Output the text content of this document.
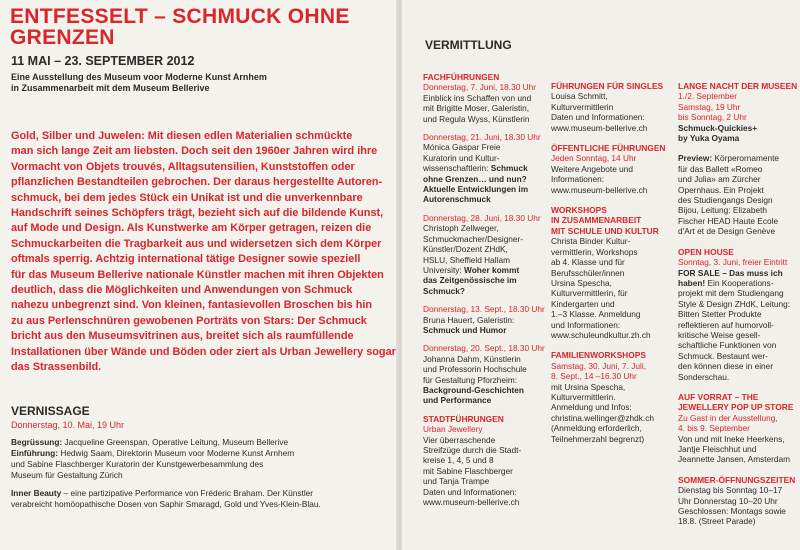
ENTFESSELT – SCHMUCK OHNE
GRENZEN
11 MAI – 23. SEPTEMBER 2012
Eine Ausstellung des Museum voor Moderne Kunst Arnhem
in Zusammenarbeit mit dem Museum Bellerive
Gold, Silber und Juwelen: Mit diesen edlen Materialien schmückte
man sich lange Zeit am liebsten. Doch seit den 1960er Jahren wird ihre
Vormacht von Objets trouvés, Alltagsutensilien, Kunststoffen oder
pflanzlichen Bestandteilen gebrochen. Der daraus hergestellte Autoren-
schmuck, bei dem jedes Stück ein Unikat ist und die unverkennbare
Handschrift seines Schöpfers trägt, bezieht sich auf die bildende Kunst,
auf Mode und Design. Als Kunstwerke am Körper getragen, reizen die
Schmuckarbeiten die Tragbarkeit aus und widersetzen sich dem Körper
oftmals sperrig. Achtzig international tätige Designer sowie speziell
für das Museum Bellerive nationale Künstler machen mit ihren Objekten
deutlich, dass die Möglichkeiten und Anwendungen von Schmuck
nahezu unbegrenzt sind. Von kleinen, fantasievollen Broschen bis hin
zu aus Perlenschnüren gewobenen Porträts von Stars: Der Schmuck
bricht aus den Museumsvitrinen aus, breitet sich als raumfüllende
Installationen über Wände und Böden oder ziert als Urban Jewellery sogar
das Strassenbild.
VERNISSAGE
Donnerstag, 10. Mai, 19 Uhr

Begrüssung: Jacqueline Greenspan, Operative Leitung, Museum Bellerive
Einführung: Hedwig Saam, Direktorin Museum voor Moderne Kunst Arnhem
und Sabine Flaschberger Kuratorin der Kunstgewerbesammlung des
Museum für Gestaltung Zürich

Inner Beauty – eine partizipative Performance von Fréderic Braham. Der Künstler
verabreicht homöopathische Dosen von Saphir Smaragd, Gold und Yves-Klein-Blau.

VERMITTLUNG
FACHFÜHRUNGEN
Donnerstag, 7. Juni, 18.30 Uhr
Einblick ins Schaffen von und
mit Brigitte Moser, Galeristin,
und Regula Wyss, Künstlerin
Donnerstag, 21. Juni, 18.30 Uhr
Mónica Gaspar Freie
Kuratorin und Kultur-
wissenschaftlerin: Schmuck
ohne Grenzen… und nun?
Aktuelle Entwicklungen im
Autorenschmuck
Donnerstag, 28. Juni, 18.30 Uhr
Christoph Zellweger,
Schmuckmacher/Designer-
Künstler/Dozent ZHdK,
HSLU, Sheffield Hallam
University: Woher kommt
das Zeitgenössische im
Schmuck?
Donnerstag, 13. Sept., 18.30 Uhr
Bruna Hauert, Galeristin:
Schmuck und Humor
Donnerstag, 20. Sept., 18.30 Uhr
Johanna Dahm, Künstlerin
und Professorin Hochschule
für Gestaltung Pforzheim:
Background-Geschichten
und Performance
STADTFÜHRUNGEN
Urban Jewellery
Vier überraschende
Streifzüge durch die Stadt-
kreise 1, 4, 5 und 8
mit Sabine Flaschberger
und Tanja Trampe
Daten und Informationen:
www.museum-bellerive.ch
FÜHRUNGEN FÜR SINGLES
Louisa Schmitt,
Kulturvermittlerin
Daten und Informationen:
www.museum-bellerive.ch
ÖFFENTLICHE FÜHRUNGEN
Jeden Sonntag, 14 Uhr
Weitere Angebote und
Informationen:
www.museum-bellerive.ch
WORKSHOPS
IN ZUSAMMENARBEIT
MIT SCHULE UND KULTUR
Christa Binder Kultur-
vermittlerin, Workshops
ab 4. Klasse und für
Berufsschüler/innen
Ursina Spescha,
Kulturvermittlerin, für
Kindergarten und
1.–3 Klasse. Anmeldung
und Informationen:
www.schuleundkultur.zh.ch
FAMILIENWORKSHOPS
Samstag, 30. Juni, 7. Juli,
8. Sept., 14 –16.30 Uhr
mit Ursina Spescha,
Kulturvermittlerin.
Anmeldung und Infos:
christina.wellinger@zhdk.ch
(Anmeldung erforderlich,
Teilnehmerzahl begrenzt)
LANGE NACHT DER MUSEEN
1./2. September
Samstag, 19 Uhr
bis Sonntag, 2 Uhr
Schmuck-Quickies+
by Yuka Oyama
Preview: Körperornamente
für das Ballett «Romeo
und Julia» am Zürcher
Opernhaus. Ein Projekt
des Studiengangs Design
Bijou, Leitung: Elizabeth
Fischer HEAD Haute Ecole
d'Art et de Design Genève
OPEN HOUSE
Sonntag, 3. Juni, freier Eintritt
FOR SALE – Das muss ich
haben! Ein Kooperations-
projekt mit dem Studiengang
Style & Design ZHdK, Leitung:
Bitten Stetter Produkte
reflektieren auf humorvoll-
kritische Weise gesell-
schaftliche Funktionen von
Schmuck. Bestaunt wer-
den können diese in einer
Sonderschau.
AUF VORRAT – THE
JEWELLERY POP UP STORE
Zu Gast in der Ausstellung,
4. bis 9. September
Von und mit Ineke Heerkens,
Jantje Fleischhut und
Jeannette Jansen, Amsterdam
SOMMER-ÖFFNUNGSZEITEN
Dienstag bis Sonntag 10–17
Uhr Donnerstag 10–20 Uhr
Geschlossen: Montags sowie
18.8. (Street Parade)
